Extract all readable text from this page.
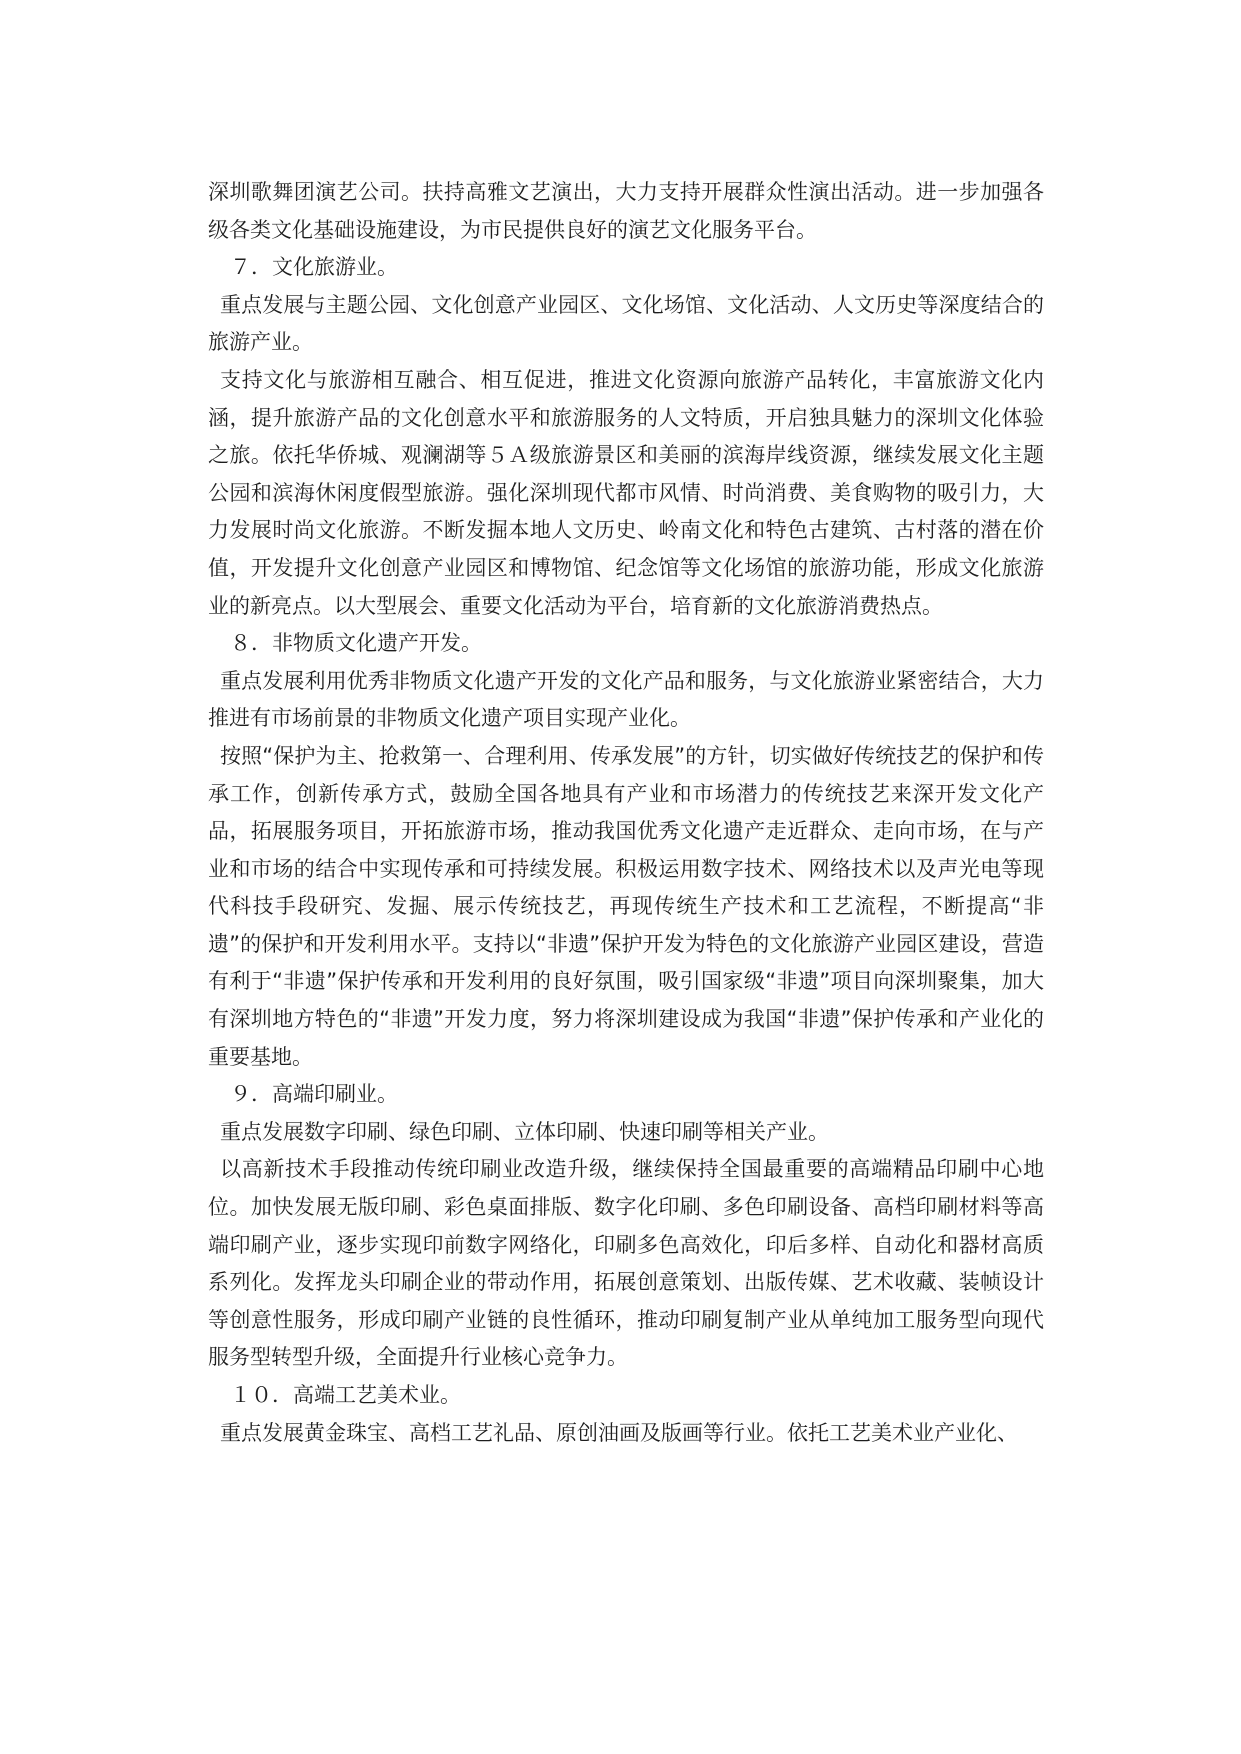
深圳歌舞团演艺公司。扶持高雅文艺演出，大力支持开展群众性演出活动。进一步加强各级各类文化基础设施建设，为市民提供良好的演艺文化服务平台。

７．文化旅游业。

重点发展与主题公园、文化创意产业园区、文化场馆、文化活动、人文历史等深度结合的旅游产业。

支持文化与旅游相互融合、相互促进，推进文化资源向旅游产品转化，丰富旅游文化内涵，提升旅游产品的文化创意水平和旅游服务的人文特质，开启独具魅力的深圳文化体验之旅。依托华侨城、观澜湖等５Ａ级旅游景区和美丽的滨海岸线资源，继续发展文化主题公园和滨海休闲度假型旅游。强化深圳现代都市风情、时尚消费、美食购物的吸引力，大力发展时尚文化旅游。不断发掘本地人文历史、岭南文化和特色古建筑、古村落的潜在价值，开发提升文化创意产业园区和博物馆、纪念馆等文化场馆的旅游功能，形成文化旅游业的新亮点。以大型展会、重要文化活动为平台，培育新的文化旅游消费热点。

８．非物质文化遗产开发。

重点发展利用优秀非物质文化遗产开发的文化产品和服务，与文化旅游业紧密结合，大力推进有市场前景的非物质文化遗产项目实现产业化。

按照“保护为主、抢救第一、合理利用、传承发展”的方针，切实做好传统技艺的保护和传承工作，创新传承方式，鼓励全国各地具有产业和市场潜力的传统技艺来深开发文化产品，拓展服务项目，开拓旅游市场，推动我国优秀文化遗产走近群众、走向市场，在与产业和市场的结合中实现传承和可持续发展。积极运用数字技术、网络技术以及声光电等现代科技手段研究、发掘、展示传统技艺，再现传统生产技术和工艺流程，不断提高“非遗”的保护和开发利用水平。支持以“非遗”保护开发为特色的文化旅游产业园区建设，营造有利于“非遗”保护传承和开发利用的良好氛围，吸引国家级“非遗”项目向深圳聚集，加大有深圳地方特色的“非遗”开发力度，努力将深圳建设成为我国“非遗”保护传承和产业化的重要基地。

９．高端印刷业。

重点发展数字印刷、绿色印刷、立体印刷、快速印刷等相关产业。

以高新技术手段推动传统印刷业改造升级，继续保持全国最重要的高端精品印刷中心地位。加快发展无版印刷、彩色桌面排版、数字化印刷、多色印刷设备、高档印刷材料等高端印刷产业，逐步实现印前数字网络化，印刷多色高效化，印后多样、自动化和器材高质系列化。发挥龙头印刷企业的带动作用，拓展创意策划、出版传媒、艺术收藏、装帧设计等创意性服务，形成印刷产业链的良性循环，推动印刷复制产业从单纯加工服务型向现代服务型转型升级，全面提升行业核心竞争力。

１０．高端工艺美术业。

重点发展黄金珠宝、高档工艺礼品、原创油画及版画等行业。依托工艺美术业产业化、
